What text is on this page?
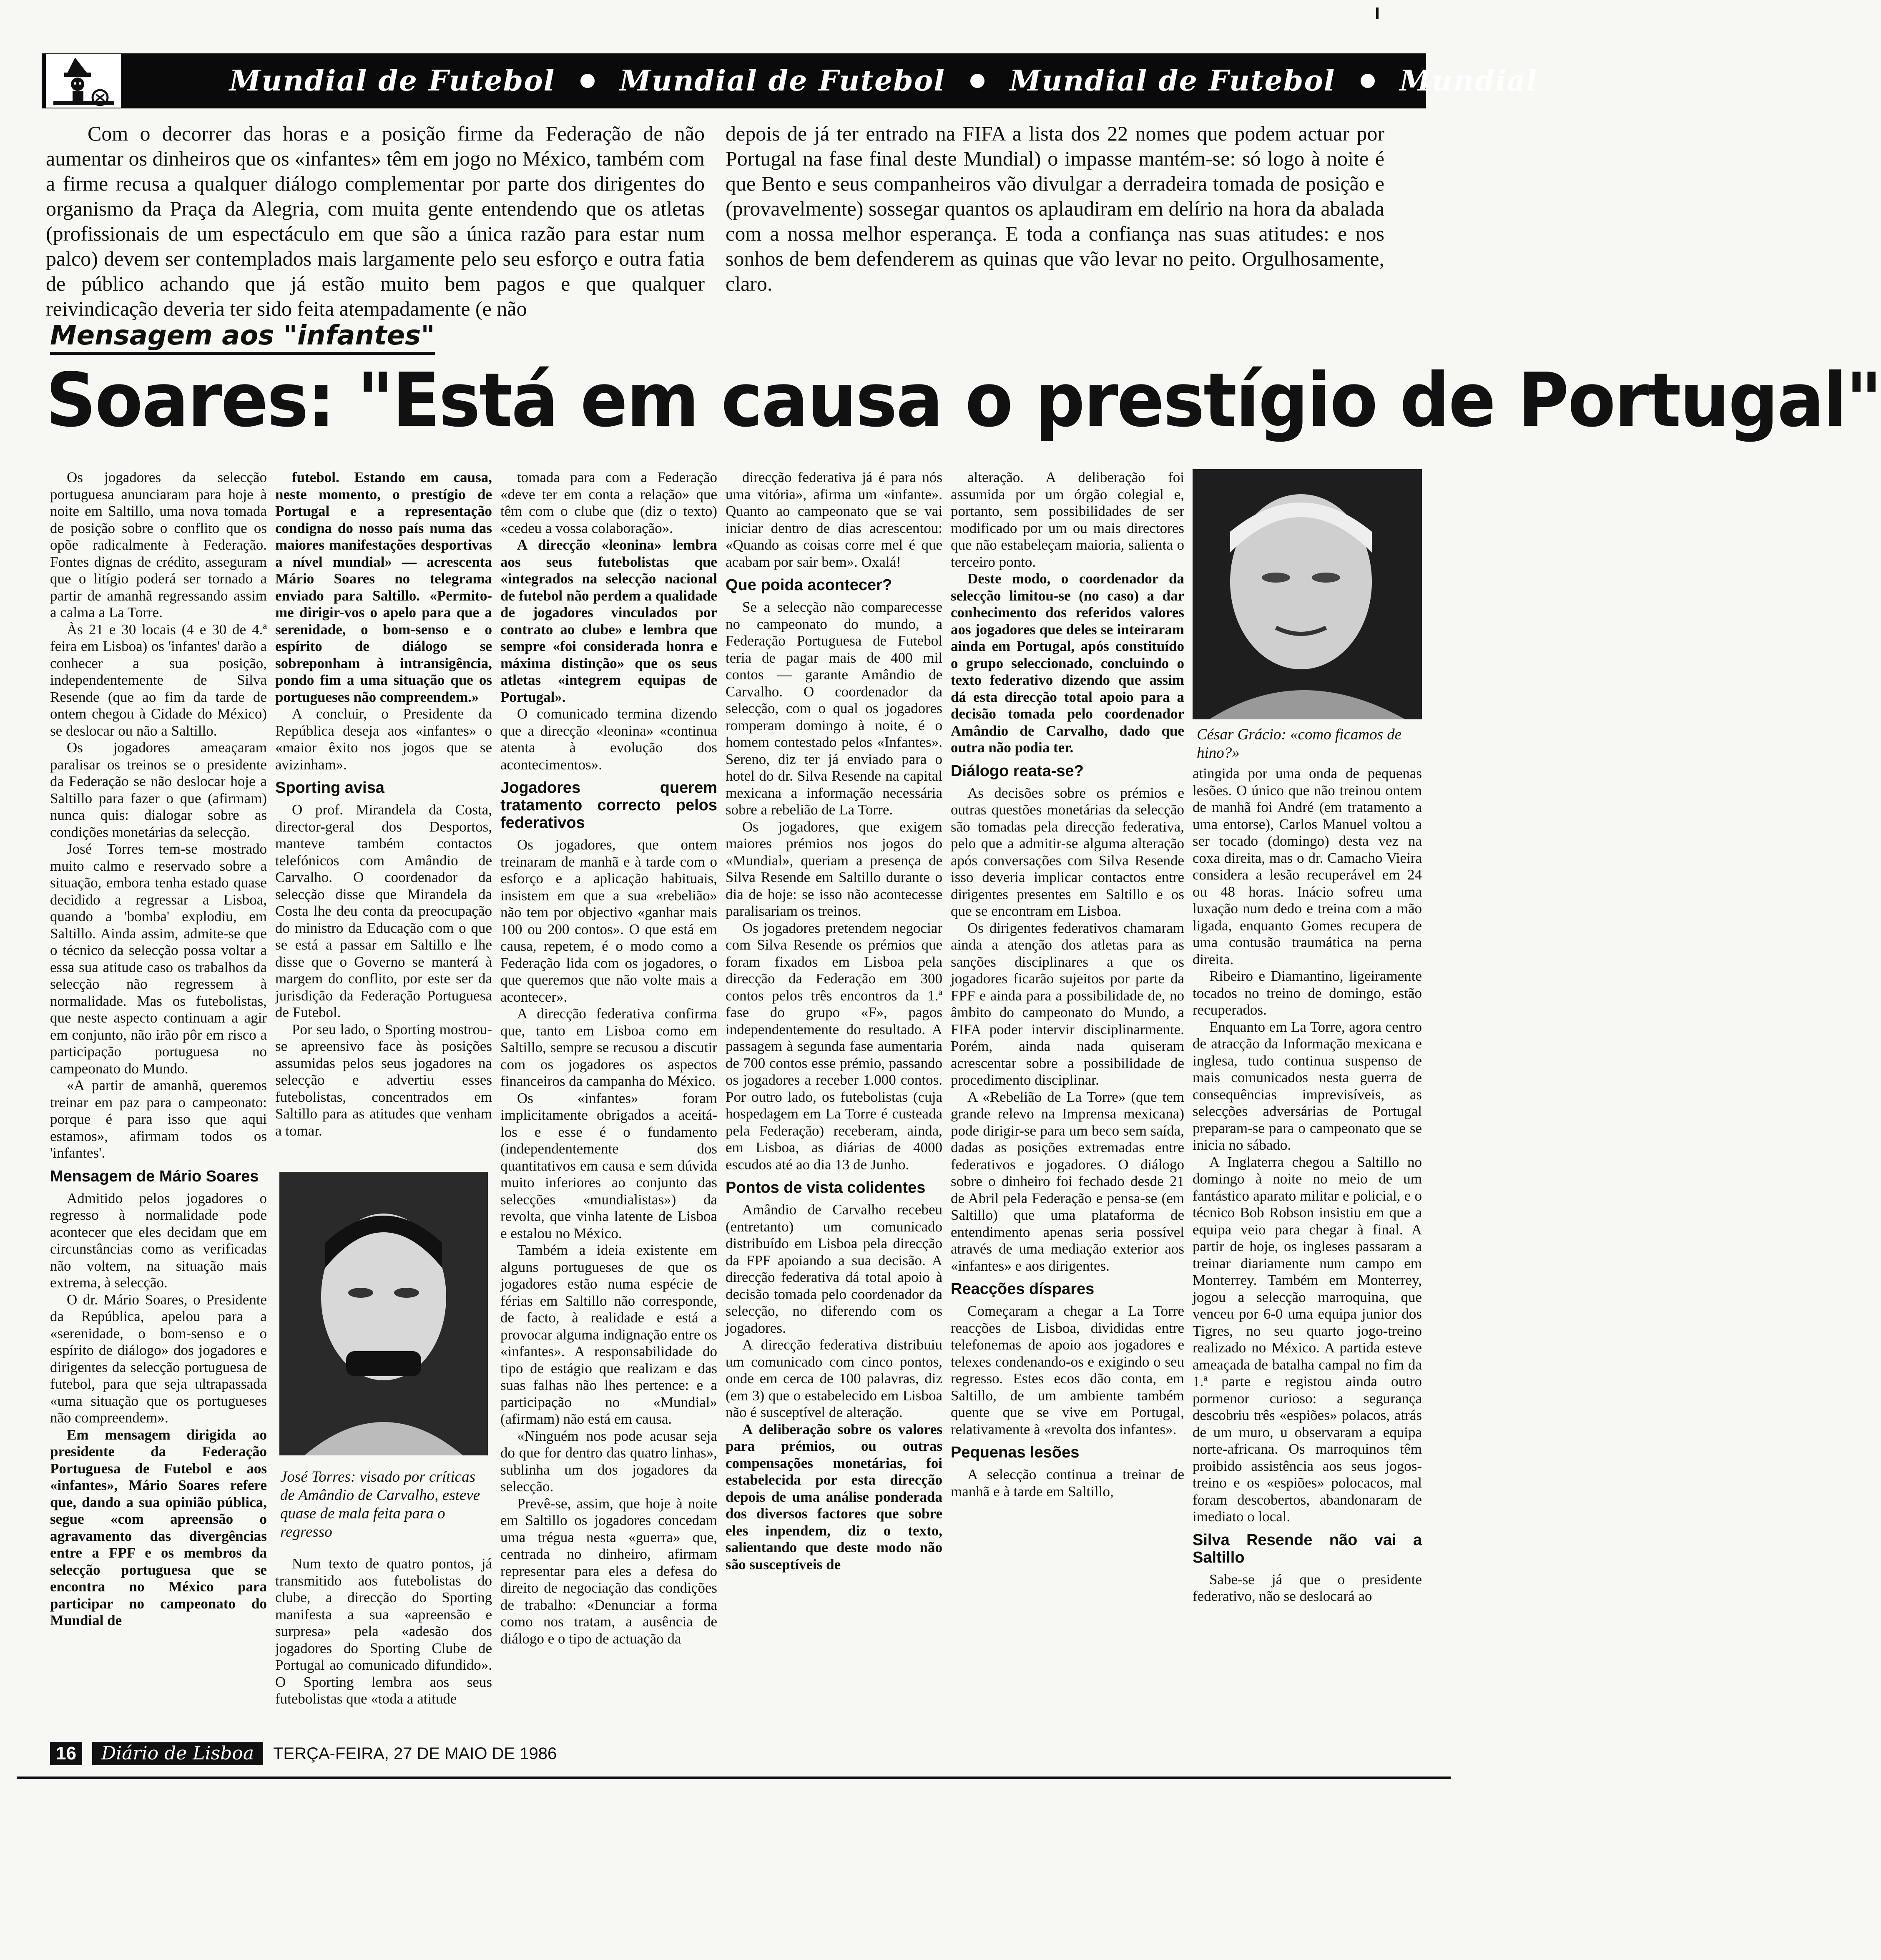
Mundial de Futebol Mundial de Futebol Mundial de Futebol Mundial
Com o decorrer das horas e a posição firme da Federação de não aumentar os dinheiros que os «infantes» têm em jogo no México, também com a firme recusa a qualquer diálogo complementar por parte dos dirigentes do organismo da Praça da Alegria, com muita gente entendendo que os atletas (profissionais de um espectáculo em que são a única razão para estar num palco) devem ser contemplados mais largamente pelo seu esforço e outra fatia de público achando que já estão muito bem pagos e que qualquer reivindicação deveria ter sido feita atempadamente (e não
depois de já ter entrado na FIFA a lista dos 22 nomes que podem actuar por Portugal na fase final deste Mundial) o impasse mantém-se: só logo à noite é que Bento e seus companheiros vão divulgar a derradeira tomada de posição e (provavelmente) sossegar quantos os aplaudiram em delírio na hora da abalada com a nossa melhor esperança. E toda a confiança nas suas atitudes: e nos sonhos de bem defenderem as quinas que vão levar no peito. Orgulhosamente, claro.
Mensagem aos "infantes"
Soares: "Está em causa o prestígio de Portugal"

Os jogadores da selecção portuguesa anunciaram para hoje à noite em Saltillo, uma nova tomada de posição sobre o conflito que os opõe radicalmente à Federação. Fontes dignas de crédito, asseguram que o litígio poderá ser tornado a partir de amanhã regressando assim a calma a La Torre.

Às 21 e 30 locais (4 e 30 de 4.ª feira em Lisboa) os 'infantes' darão a conhecer a sua posição, independentemente de Silva Resende (que ao fim da tarde de ontem chegou à Cidade do México) se deslocar ou não a Saltillo.

Os jogadores ameaçaram paralisar os treinos se o presidente da Federação se não deslocar hoje a Saltillo para fazer o que (afirmam) nunca quis: dialogar sobre as condições monetárias da selecção.

José Torres tem-se mostrado muito calmo e reservado sobre a situação, embora tenha estado quase decidido a regressar a Lisboa, quando a 'bomba' explodiu, em Saltillo. Ainda assim, admite-se que o técnico da selecção possa voltar a essa sua atitude caso os trabalhos da selecção não regressem à normalidade. Mas os futebolistas, que neste aspecto continuam a agir em conjunto, não irão pôr em risco a participação portuguesa no campeonato do Mundo.

«A partir de amanhã, queremos treinar em paz para o campeonato: porque é para isso que aqui estamos», afirmam todos os 'infantes'.

Mensagem de Mário Soares

Admitido pelos jogadores o regresso à normalidade pode acontecer que eles decidam que em circunstâncias como as verificadas não voltem, na situação mais extrema, à selecção.

O dr. Mário Soares, o Presidente da República, apelou para a «serenidade, o bom-senso e o espírito de diálogo» dos jogadores e dirigentes da selecção portuguesa de futebol, para que seja ultrapassada «uma situação que os portugueses não compreendem».

Em mensagem dirigida ao presidente da Federação Portuguesa de Futebol e aos «infantes», Mário Soares refere que, dando a sua opinião pública, segue «com apreensão o agravamento das divergências entre a FPF e os membros da selecção portuguesa que se encontra no México para participar no campeonato do Mundial de

futebol. Estando em causa, neste momento, o prestígio de Portugal e a representação condigna do nosso país numa das maiores manifestações desportivas a nível mundial» — acrescenta Mário Soares no telegrama enviado para Saltillo. «Permito-me dirigir-vos o apelo para que a serenidade, o bom-senso e o espírito de diálogo se sobreponham à intransigência, pondo fim a uma situação que os portugueses não compreendem.»

A concluir, o Presidente da República deseja aos «infantes» o «maior êxito nos jogos que se avizinham».

Sporting avisa

O prof. Mirandela da Costa, director-geral dos Desportos, manteve também contactos telefónicos com Amândio de Carvalho. O coordenador da selecção disse que Mirandela da Costa lhe deu conta da preocupação do ministro da Educação com o que se está a passar em Saltillo e lhe disse que o Governo se manterá à margem do conflito, por este ser da jurisdição da Federação Portuguesa de Futebol.

Por seu lado, o Sporting mostrou-se apreensivo face às posições assumidas pelos seus jogadores na selecção e advertiu esses futebolistas, concentrados em Saltillo para as atitudes que venham a tomar.

José Torres: visado por críticas de Amândio de Carvalho, esteve quase de mala feita para o regresso

Num texto de quatro pontos, já transmitido aos futebolistas do clube, a direcção do Sporting manifesta a sua «apreensão e surpresa» pela «adesão dos jogadores do Sporting Clube de Portugal ao comunicado difundido». O Sporting lembra aos seus futebolistas que «toda a atitude

tomada para com a Federação «deve ter em conta a relação» que têm com o clube que (diz o texto) «cedeu a vossa colaboração».

A direcção «leonina» lembra aos seus futebolistas que «integrados na selecção nacional de futebol não perdem a qualidade de jogadores vinculados por contrato ao clube» e lembra que sempre «foi considerada honra e máxima distinção» que os seus atletas «integrem equipas de Portugal».

O comunicado termina dizendo que a direcção «leonina» «continua atenta à evolução dos acontecimentos».

Jogadores querem tratamento correcto pelos federativos

Os jogadores, que ontem treinaram de manhã e à tarde com o esforço e a aplicação habituais, insistem em que a sua «rebelião» não tem por objectivo «ganhar mais 100 ou 200 contos». O que está em causa, repetem, é o modo como a Federação lida com os jogadores, o que queremos que não volte mais a acontecer».

A direcção federativa confirma que, tanto em Lisboa como em Saltillo, sempre se recusou a discutir com os jogadores os aspectos financeiros da campanha do México.

Os «infantes» foram implicitamente obrigados a aceitá-los e esse é o fundamento (independentemente dos quantitativos em causa e sem dúvida muito inferiores ao conjunto das selecções «mundialistas») da revolta, que vinha latente de Lisboa e estalou no México.

Também a ideia existente em alguns portugueses de que os jogadores estão numa espécie de férias em Saltillo não corresponde, de facto, à realidade e está a provocar alguma indignação entre os «infantes». A responsabilidade do tipo de estágio que realizam e das suas falhas não lhes pertence: e a participação no «Mundial» (afirmam) não está em causa.

«Ninguém nos pode acusar seja do que for dentro das quatro linhas», sublinha um dos jogadores da selecção.

Prevê-se, assim, que hoje à noite em Saltillo os jogadores concedam uma trégua nesta «guerra» que, centrada no dinheiro, afirmam representar para eles a defesa do direito de negociação das condições de trabalho: «Denunciar a forma como nos tratam, a ausência de diálogo e o tipo de actuação da

direcção federativa já é para nós uma vitória», afirma um «infante». Quanto ao campeonato que se vai iniciar dentro de dias acrescentou: «Quando as coisas corre mel é que acabam por sair bem». Oxalá!

Que poida acontecer?

Se a selecção não comparecesse no campeonato do mundo, a Federação Portuguesa de Futebol teria de pagar mais de 400 mil contos — garante Amândio de Carvalho. O coordenador da selecção, com o qual os jogadores romperam domingo à noite, é o homem contestado pelos «Infantes». Sereno, diz ter já enviado para o hotel do dr. Silva Resende na capital mexicana a informação necessária sobre a rebelião de La Torre.

Os jogadores, que exigem maiores prémios nos jogos do «Mundial», queriam a presença de Silva Resende em Saltillo durante o dia de hoje: se isso não acontecesse paralisariam os treinos.

Os jogadores pretendem negociar com Silva Resende os prémios que foram fixados em Lisboa pela direcção da Federação em 300 contos pelos três encontros da 1.ª fase do grupo «F», pagos independentemente do resultado. A passagem à segunda fase aumentaria de 700 contos esse prémio, passando os jogadores a receber 1.000 contos. Por outro lado, os futebolistas (cuja hospedagem em La Torre é custeada pela Federação) receberam, ainda, em Lisboa, as diárias de 4000 escudos até ao dia 13 de Junho.

Pontos de vista colidentes

Amândio de Carvalho recebeu (entretanto) um comunicado distribuído em Lisboa pela direcção da FPF apoiando a sua decisão. A direcção federativa dá total apoio à decisão tomada pelo coordenador da selecção, no diferendo com os jogadores.

A direcção federativa distribuiu um comunicado com cinco pontos, onde em cerca de 100 palavras, diz (em 3) que o estabelecido em Lisboa não é susceptível de alteração.

A deliberação sobre os valores para prémios, ou outras compensações monetárias, foi estabelecida por esta direcção depois de uma análise ponderada dos diversos factores que sobre eles inpendem, diz o texto, salientando que deste modo não são susceptíveis de

alteração. A deliberação foi assumida por um órgão colegial e, portanto, sem possibilidades de ser modificado por um ou mais directores que não estabeleçam maioria, salienta o terceiro ponto.

Deste modo, o coordenador da selecção limitou-se (no caso) a dar conhecimento dos referidos valores aos jogadores que deles se inteiraram ainda em Portugal, após constituído o grupo seleccionado, concluindo o texto federativo dizendo que assim dá esta direcção total apoio para a decisão tomada pelo coordenador Amândio de Carvalho, dado que outra não podia ter.

Diálogo reata-se?

As decisões sobre os prémios e outras questões monetárias da selecção são tomadas pela direcção federativa, pelo que a admitir-se alguma alteração após conversações com Silva Resende isso deveria implicar contactos entre dirigentes presentes em Saltillo e os que se encontram em Lisboa.

Os dirigentes federativos chamaram ainda a atenção dos atletas para as sanções disciplinares a que os jogadores ficarão sujeitos por parte da FPF e ainda para a possibilidade de, no âmbito do campeonato do Mundo, a FIFA poder intervir disciplinarmente. Porém, ainda nada quiseram acrescentar sobre a possibilidade de procedimento disciplinar.

A «Rebelião de La Torre» (que tem grande relevo na Imprensa mexicana) pode dirigir-se para um beco sem saída, dadas as posições extremadas entre federativos e jogadores. O diálogo sobre o dinheiro foi fechado desde 21 de Abril pela Federação e pensa-se (em Saltillo) que uma plataforma de entendimento apenas seria possível através de uma mediação exterior aos «infantes» e aos dirigentes.

Reacções díspares

Começaram a chegar a La Torre reacções de Lisboa, divididas entre telefonemas de apoio aos jogadores e telexes condenando-os e exigindo o seu regresso. Estes ecos dão conta, em Saltillo, de um ambiente também quente que se vive em Portugal, relativamente à «revolta dos infantes».

Pequenas lesões

A selecção continua a treinar de manhã e à tarde em Saltillo,

César Grácio: «como ficamos de hino?»

atingida por uma onda de pequenas lesões. O único que não treinou ontem de manhã foi André (em tratamento a uma entorse), Carlos Manuel voltou a ser tocado (domingo) desta vez na coxa direita, mas o dr. Camacho Vieira considera a lesão recuperável em 24 ou 48 horas. Inácio sofreu uma luxação num dedo e treina com a mão ligada, enquanto Gomes recupera de uma contusão traumática na perna direita.

Ribeiro e Diamantino, ligeiramente tocados no treino de domingo, estão recuperados.

Enquanto em La Torre, agora centro de atracção da Informação mexicana e inglesa, tudo continua suspenso de mais comunicados nesta guerra de consequências imprevisíveis, as selecções adversárias de Portugal preparam-se para o campeonato que se inicia no sábado.

A Inglaterra chegou a Saltillo no domingo à noite no meio de um fantástico aparato militar e policial, e o técnico Bob Robson insistiu em que a equipa veio para chegar à final. A partir de hoje, os ingleses passaram a treinar diariamente num campo em Monterrey. Também em Monterrey, jogou a selecção marroquina, que venceu por 6-0 uma equipa junior dos Tigres, no seu quarto jogo-treino realizado no México. A partida esteve ameaçada de batalha campal no fim da 1.ª parte e registou ainda outro pormenor curioso: a segurança descobriu três «espiões» polacos, atrás de um muro, u observaram a equipa norte-africana. Os marroquinos têm proibido assistência aos seus jogos-treino e os «espiões» polocacos, mal foram descobertos, abandonaram de imediato o local.

Silva Resende não vai a Saltillo

Sabe-se já que o presidente federativo, não se deslocará ao

16	Diário de Lisboa	TERÇA-FEIRA, 27 DE MAIO DE 1986
